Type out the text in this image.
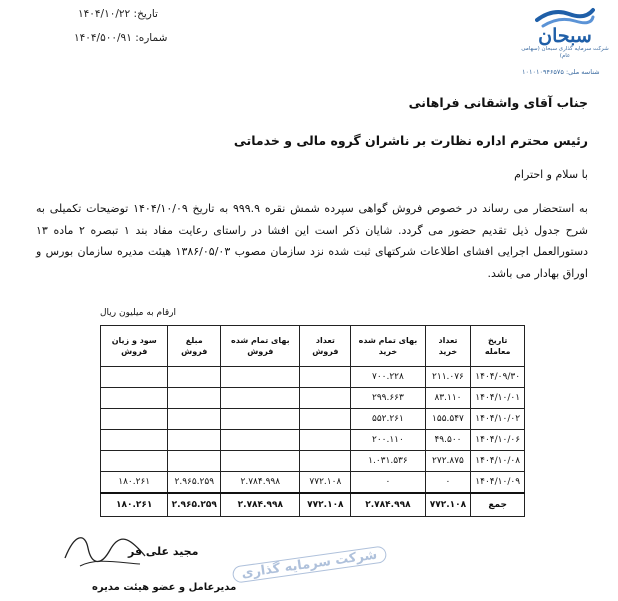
تاریخ: ۱۴۰۴/۱۰/۲۲
شماره: ۱۴۰۴/۵۰۰/۹۱	سبحان
شرکت سرمایه گذاری سبحان (سهامی عام)
شناسه ملی: ۱۰۱۰۱۰۹۴۶۵۷۵
جناب آقای واشقانی فراهانی
رئیس محترم اداره نظارت بر ناشران گروه مالی و خدماتی
با سلام و احترام
به استحضار می رساند در خصوص فروش گواهی سپرده شمش نقره ۹۹۹.۹ به تاریخ ۱۴۰۴/۱۰/۰۹ توضیحات تکمیلی به شرح جدول ذیل تقدیم حضور می گردد. شایان ذکر است این افشا در راستای رعایت مفاد بند ۱ تبصره ۲ ماده ۱۳ دستورالعمل اجرایی افشای اطلاعات شرکتهای ثبت شده نزد سازمان مصوب ۱۳۸۶/۰۵/۰۳ هیئت مدیره سازمان بورس و اوراق بهادار می باشد.
ارقام به میلیون ریال
تاریخ معامله	تعداد خرید	بهای تمام شده خرید	تعداد فروش	بهای تمام شده فروش	مبلغ فروش	سود و زیان فروش
۱۴۰۴/۰۹/۳۰	۲۱۱.۰۷۶	۷۰۰.۲۲۸				
۱۴۰۴/۱۰/۰۱	۸۳.۱۱۰	۲۹۹.۶۶۳				
۱۴۰۴/۱۰/۰۲	۱۵۵.۵۴۷	۵۵۲.۲۶۱				
۱۴۰۴/۱۰/۰۶	۴۹.۵۰۰	۲۰۰.۱۱۰				
۱۴۰۴/۱۰/۰۸	۲۷۲.۸۷۵	۱.۰۳۱.۵۳۶				
۱۴۰۴/۱۰/۰۹	۰	۰	۷۷۲.۱۰۸	۲.۷۸۴.۹۹۸	۲.۹۶۵.۲۵۹	۱۸۰.۲۶۱
جمع	۷۷۲.۱۰۸	۲.۷۸۴.۹۹۸	۷۷۲.۱۰۸	۲.۷۸۴.۹۹۸	۲.۹۶۵.۲۵۹	۱۸۰.۲۶۱
مجید علی فر	شرکت سرمایه گذاری
مدیرعامل و عضو هیئت مدیره
